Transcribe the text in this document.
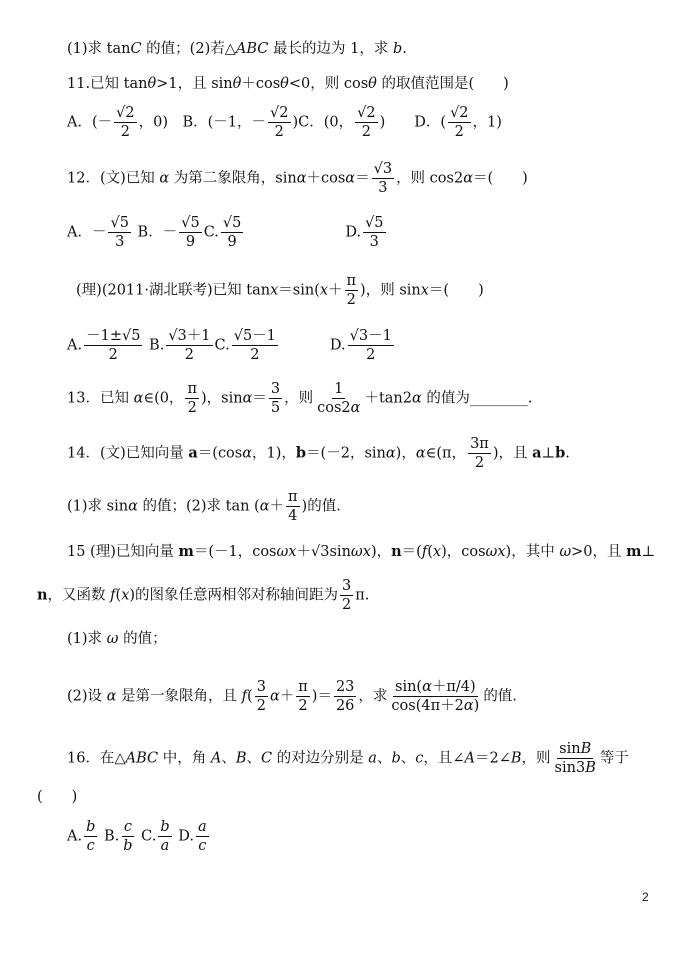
(1)求 tanC 的值；(2)若△ABC 最长的边为 1，求 b.
11.已知 tanθ>1，且 sinθ＋cosθ<0，则 cosθ 的取值范围是(　　)
A．(－ $\frac{√2}{2}$ ，0)　B．(－1，－ $\frac{√2}{2} )C$．(0， $\frac{√2}{2}$ )　　D．( $\frac{√2}{2}$ ，1)
12．(文)已知 α 为第二象限角，$\sin\alpha+\cos\alpha= \frac{√3}{3}$ ，则 cos2α＝(　　)
A．－ $\frac{√5}{3}$ B．－ $\frac{√5}{9} C$. $\frac{√5}{9}$	D. $\frac{√5}{3}$
(理)(2011·湖北联考)已知 $\tan x=\sin(x+ \frac{\pi}{2}$ )，则 sinx＝(　　)
A. $\frac{-1\pm√5}{2} B$. $\frac{√3+1}{2} C$. $\frac{√5-1}{2}$	D. $\frac{√3-1}{2}$
13．已知 α∈(0， $\frac{\pi}{2}$ )，$\sin\alpha= \frac{3}{5}$ ，则 $\frac{1}{\cos 2\alpha} +\tan 2\alpha$ 的值为________.
14．(文)已知向量 a＝(cosα，1)，b＝(－2，sinα)，α∈(π， $\frac{3\pi}{2}$ )，且 a⊥b.
(1)求 sinα 的值；(2)求 $\tan (\alpha+ \frac{\pi}{4}$ )的值.
15 (理)已知向量 m＝(－1，cosωx＋√3sinωx)，n＝(f(x)，cosωx)，其中 ω>0，且 m⊥
n，又函数 f(x)的图象任意两相邻对称轴间距为 $\frac{3}{2} \pi$.
(1)求 ω 的值；
(2)设 α 是第一象限角，且 $f( \frac{3}{2} \alpha+ \frac{\pi}{2}$ )＝ $\frac{23}{26}$ ，求 $\frac{\sin(\alpha+\pi/4)}{\cos(4\pi+2\alpha)}$ 的值.
16．在△ABC 中，角 A、B、C 的对边分别是 a、b、c，且∠A＝2∠B，则 $\frac{\sin B}{\sin 3B}$ 等于
(　　)
A. $\frac{b}{c} B$. $\frac{c}{b} C$. $\frac{b}{a} D$. $\frac{a}{c}$
2
